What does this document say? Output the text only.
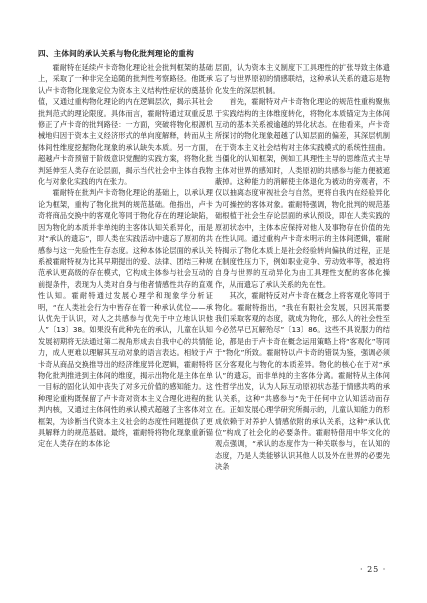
四、主体间的承认关系与物化批判理论的重构

霍耐特在延续卢卡奇物化理论社会批判框架的基础上，采取了一种非完全追随的批判性考察路径。他既承认卢卡奇物化现象定位为资本主义结构性症状的奠基价值，又通过重构物化理论的内在逻辑层次，揭示其社会批判范式的理论限度。具体而言，霍耐特通过双重反思修正了卢卡奇的批判路径：一方面，突破将物化根源机械地归因于资本主义经济形式的单向度解释，转而从主体间性维度挖掘物化现象的承认缺失本质。另一方面，超越卢卡奇预留于阶级意识觉醒的实践方案，将物化批判延伸至人类存在论层面，揭示当代社会中主体自我物化与对象化实践的内在张力。

霍耐特在批判卢卡奇物化理论的基础上，以承认理论为框架，重构了物化批判的规范基础。他指出，卢卡奇将商品交换中的客观化等同于物化存在的理论缺陷，因为物化的本质并非单纯的主客体认知关系异化，而是对“承认的遗忘”，即人类在实践活动中遗忘了原初的共感参与这一先验性生存态度。这种本体论层面的承认关系被霍耐特视为比其早期提出的爱、法律、团结三种规范承认更高级的存在模式，它构成主体参与社会互动的前提条件，表现为人类对自身与他者情感性共存的直观性认知。霍耐特通过发展心理学和现象学分析证明，“在人类社会行为中皆存在着一种承认优位——承认优先于认识，对人之共感参与优先于中立地认识他人”〔13〕38。如果没有此种先在的承认，儿童在认知发展初期将无法通过第二视角形成去自我中心的共情能力，成人更难以理解其互动对象的语言表达。相较于卢卡奇从商品交换推导出的经济维度异化逻辑，霍耐特将物化批判推进到主体间的维度，揭示出物化是主体在单一目标的固化认知中丧失了对多元价值的感知能力。这种理论重构既保留了卢卡奇对资本主义合理化进程的批判内核，又通过主体间性的承认模式超越了主客体对立框架，为诊断当代资本主义社会的态度性问题提供了更具解释力的规范基础。最终，霍耐特将物化现象重新锚定在人类存在的本体论

层面，认为资本主义制度下工具理性的扩张导致主体遗忘了与世界原初的情感联结，这种承认关系的遗忘是物化发生的深层机制。

首先，霍耐特对卢卡奇物化理论的规范性重构聚焦于实践结构的主体维度转化，将物化本质锚定为主体间互动的基本关系被逾越的异化状态。在他看来，卢卡奇所探讨的物化现象超越了认知层面的偏差，其深层机制在于资本主义社会结构对主体实践模式的系统性扭曲。当僵化的认知框架，例如工具理性主导的思维范式主导主体对世界的感知时，人类原初的共感参与能力便被遮蔽掉。这种能力的消解使主体退化为被动的旁观者，不仅以抽离态度审视社会与自然，更将自我内在经验异化为可操控的客体对象。霍耐特强调，物化批判的规范基础根植于社会生存论层面的承认预设，即在人类实践的原初状态中，主体本应保持对他人及事物存在价值的先在性认同。通过重构卢卡奇未明示的主体间逻辑，霍耐特揭示了物化本质上是社会经验转向偏执的过程，正是在制度性压力下，例如职业竞争、劳动效率等，被迫将自身与世界的互动异化为由工具理性支配的客体化操作，从而遗忘了承认关系的先在性。

其次，霍耐特反对卢卡奇在概念上将客观化等同于物化。霍耐特指出，“我在有限社会发展，只因其需要我们采取客观的态度，就成为物化，那么人的社会性至今必然早已瓦解殆尽”〔13〕86。这些不具说服力的结论，都是由于卢卡奇在概念运用策略上将“客观化”等同于“物化”所致。霍耐特以卢卡奇的错误为鉴，强调必须区分客观化与物化的本质差异。物化的核心在于对“承认”的遗忘，而非单纯的主客体分离。霍耐特从主体间性哲学出发，认为人际互动原初状态基于情感共鸣的承认关系，这种“共感参与”先于任何中立认知活动而存在。正如发展心理学研究所揭示的，儿童认知能力的形成依赖于对养护人情感依附的承认关系，这种“承认优位”构成了社会化的必要条件。霍耐特借用中华文化的观点强调，“承认的态度作为一种关联参与，在认知的态度，乃是人类能够认识其他人以及外在世界的必要先决条

· 25 ·
